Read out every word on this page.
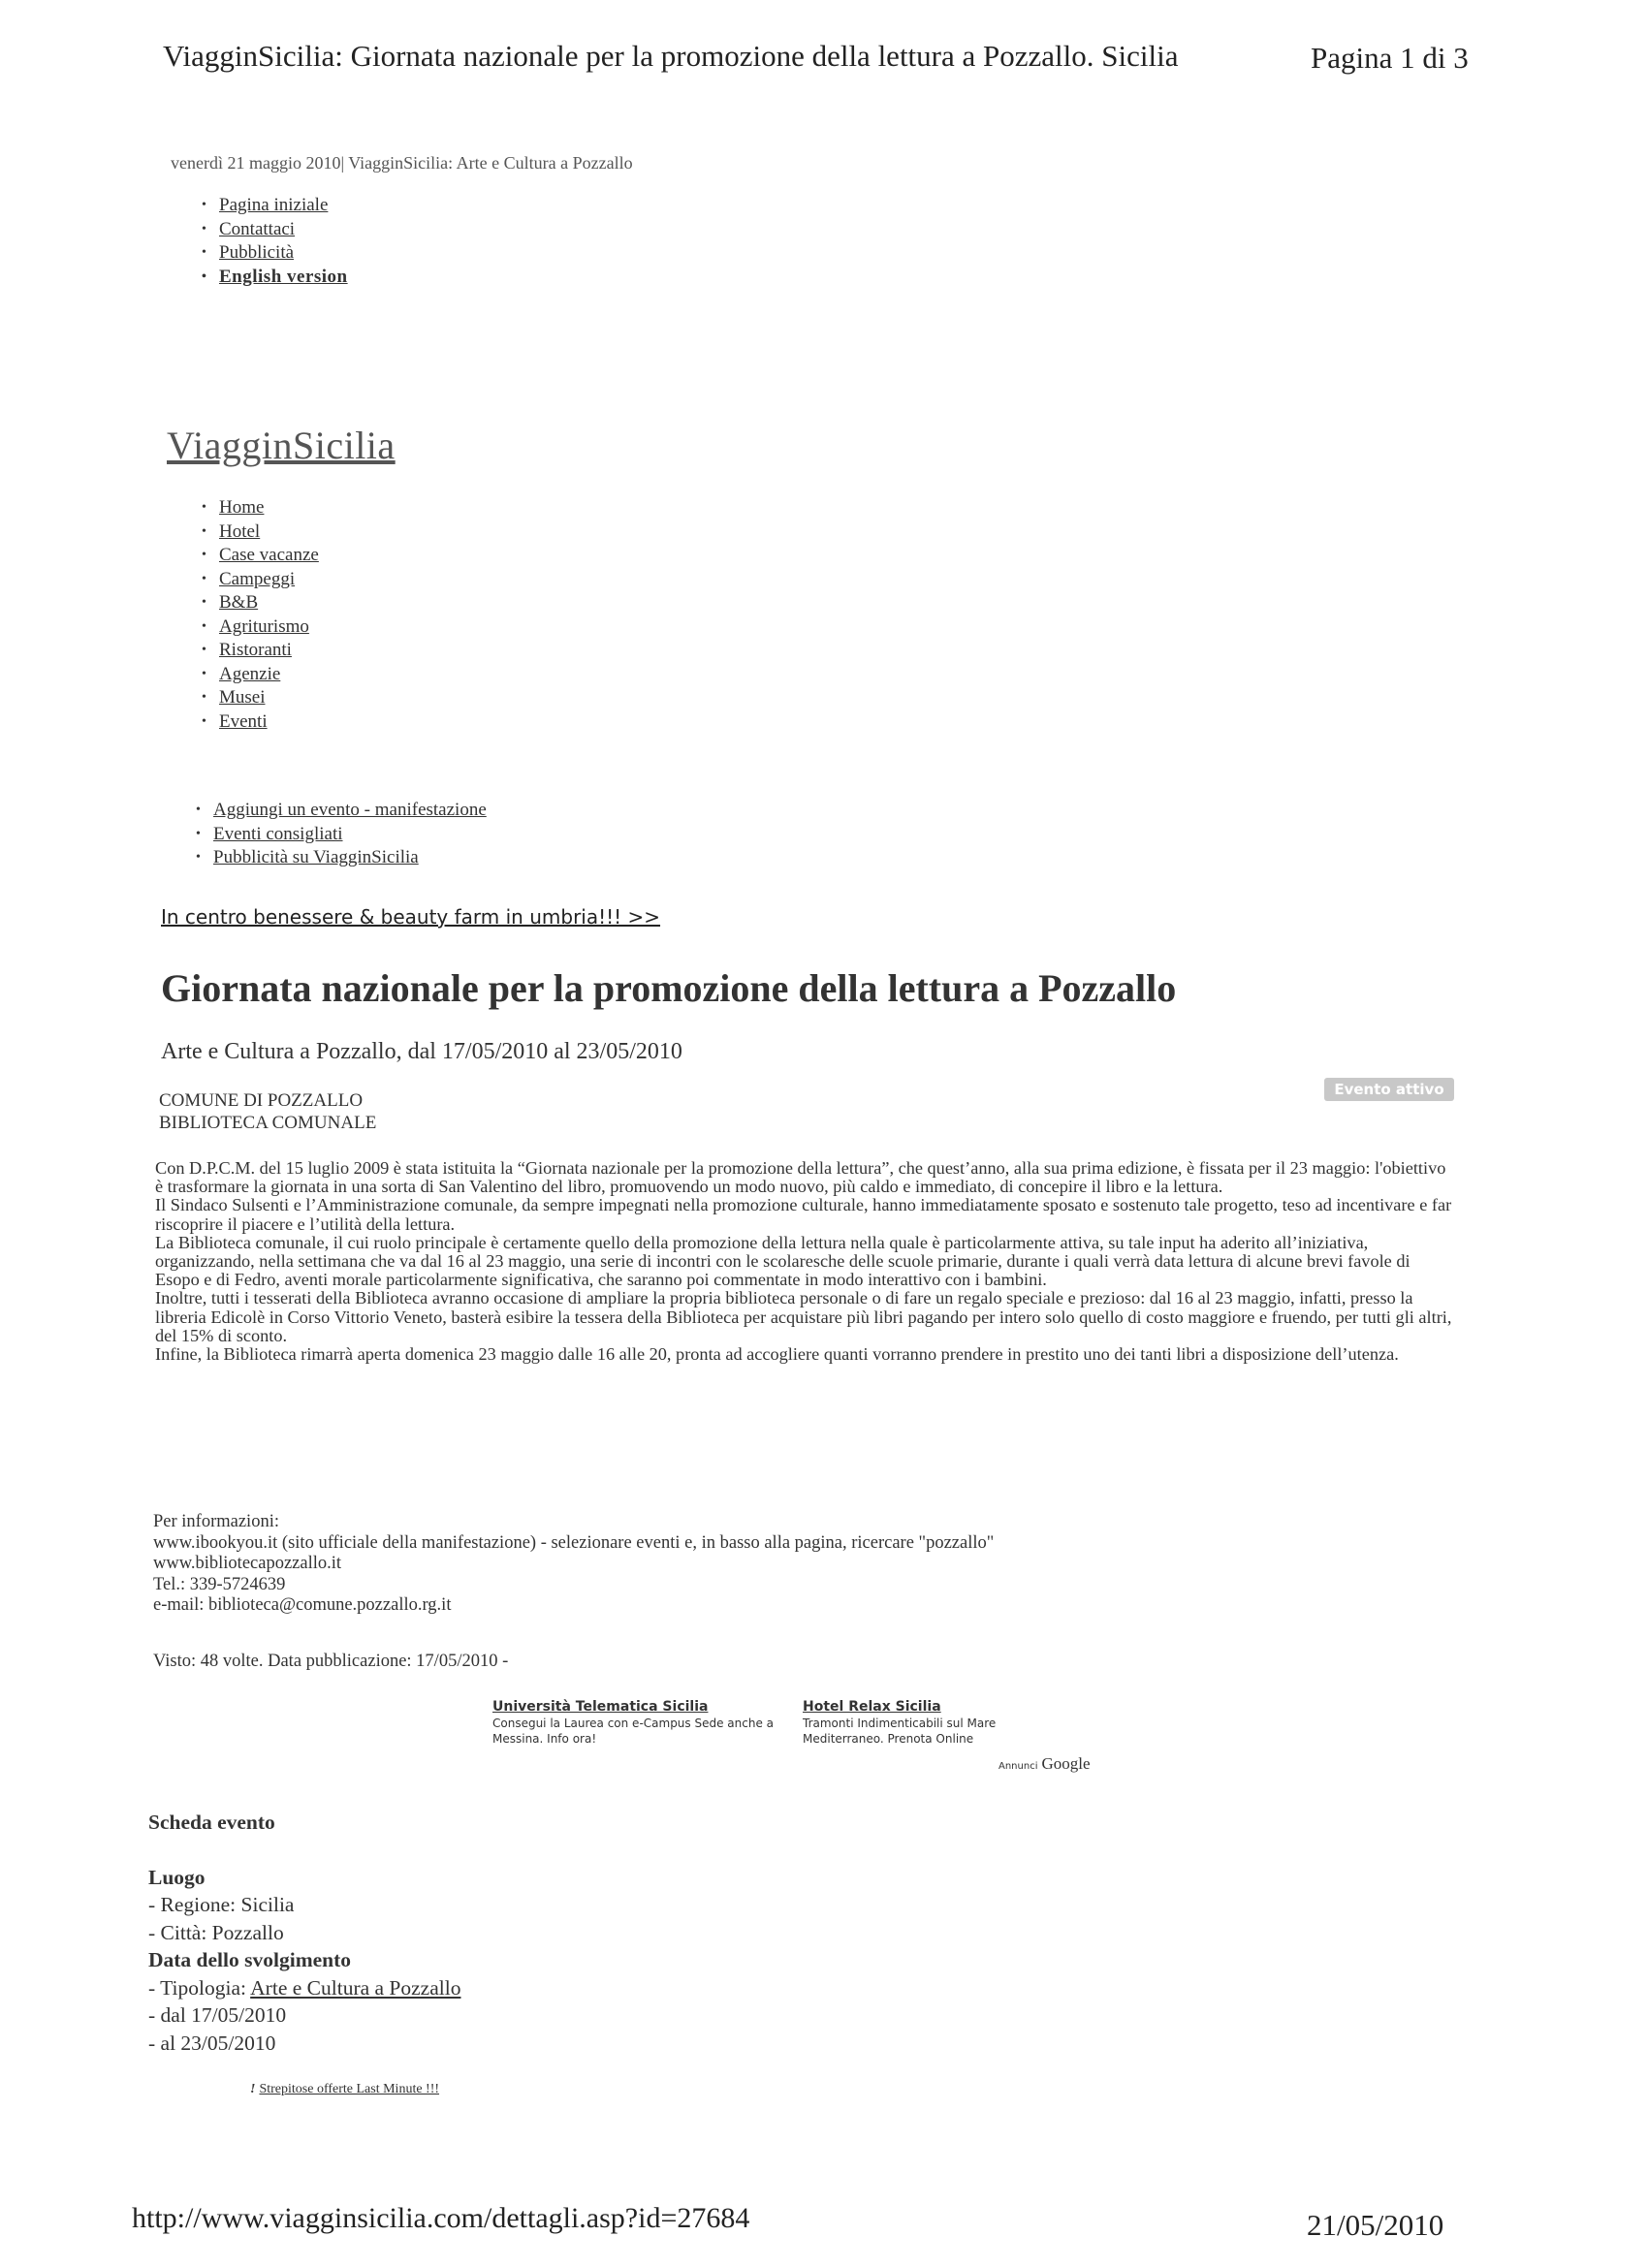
ViagginSicilia: Giornata nazionale per la promozione della lettura a Pozzallo. Sicilia	Pagina 1 di 3
venerdì 21 maggio 2010| ViagginSicilia: Arte e Cultura a Pozzallo
• Pagina iniziale
• Contattaci
• Pubblicità
• English version
ViagginSicilia
• Home
• Hotel
• Case vacanze
• Campeggi
• B&B
• Agriturismo
• Ristoranti
• Agenzie
• Musei
• Eventi
• Aggiungi un evento - manifestazione
• Eventi consigliati
• Pubblicità su ViagginSicilia
In centro benessere & beauty farm in umbria!!! >>
Giornata nazionale per la promozione della lettura a Pozzallo
Arte e Cultura a Pozzallo, dal 17/05/2010 al 23/05/2010
Evento attivo
COMUNE DI POZZALLO
BIBLIOTECA COMUNALE

Con D.P.C.M. del 15 luglio 2009 è stata istituita la “Giornata nazionale per la promozione della lettura”, che quest’anno, alla sua prima edizione, è fissata per il 23 maggio: l'obiettivo è trasformare la giornata in una sorta di San Valentino del libro, promuovendo un modo nuovo, più caldo e immediato, di concepire il libro e la lettura.

Il Sindaco Sulsenti e l’Amministrazione comunale, da sempre impegnati nella promozione culturale, hanno immediatamente sposato e sostenuto tale progetto, teso ad incentivare e far riscoprire il piacere e l’utilità della lettura.

La Biblioteca comunale, il cui ruolo principale è certamente quello della promozione della lettura nella quale è particolarmente attiva, su tale input ha aderito all’iniziativa, organizzando, nella settimana che va dal 16 al 23 maggio, una serie di incontri con le scolaresche delle scuole primarie, durante i quali verrà data lettura di alcune brevi favole di Esopo e di Fedro, aventi morale particolarmente significativa, che saranno poi commentate in modo interattivo con i bambini.

Inoltre, tutti i tesserati della Biblioteca avranno occasione di ampliare la propria biblioteca personale o di fare un regalo speciale e prezioso: dal 16 al 23 maggio, infatti, presso la libreria Edicolè in Corso Vittorio Veneto, basterà esibire la tessera della Biblioteca per acquistare più libri pagando per intero solo quello di costo maggiore e fruendo, per tutti gli altri, del 15% di sconto.

Infine, la Biblioteca rimarrà aperta domenica 23 maggio dalle 16 alle 20, pronta ad accogliere quanti vorranno prendere in prestito uno dei tanti libri a disposizione dell’utenza.

Per informazioni:
www.ibookyou.it (sito ufficiale della manifestazione) - selezionare eventi e, in basso alla pagina, ricercare "pozzallo"
www.bibliotecapozzallo.it
Tel.: 339-5724639
e-mail: biblioteca@comune.pozzallo.rg.it
Visto: 48 volte. Data pubblicazione: 17/05/2010 -
Università Telematica Sicilia
Consegui la Laurea con e-Campus Sede anche a Messina. Info ora!
Hotel Relax Sicilia
Tramonti Indimenticabili sul Mare Mediterraneo. Prenota Online
Annunci Google
Scheda evento
Luogo
- Regione: Sicilia
- Città: Pozzallo
Data dello svolgimento
- Tipologia: Arte e Cultura a Pozzallo
- dal 17/05/2010
- al 23/05/2010
! Strepitose offerte Last Minute !!!
http://www.viagginsicilia.com/dettagli.asp?id=27684	21/05/2010
